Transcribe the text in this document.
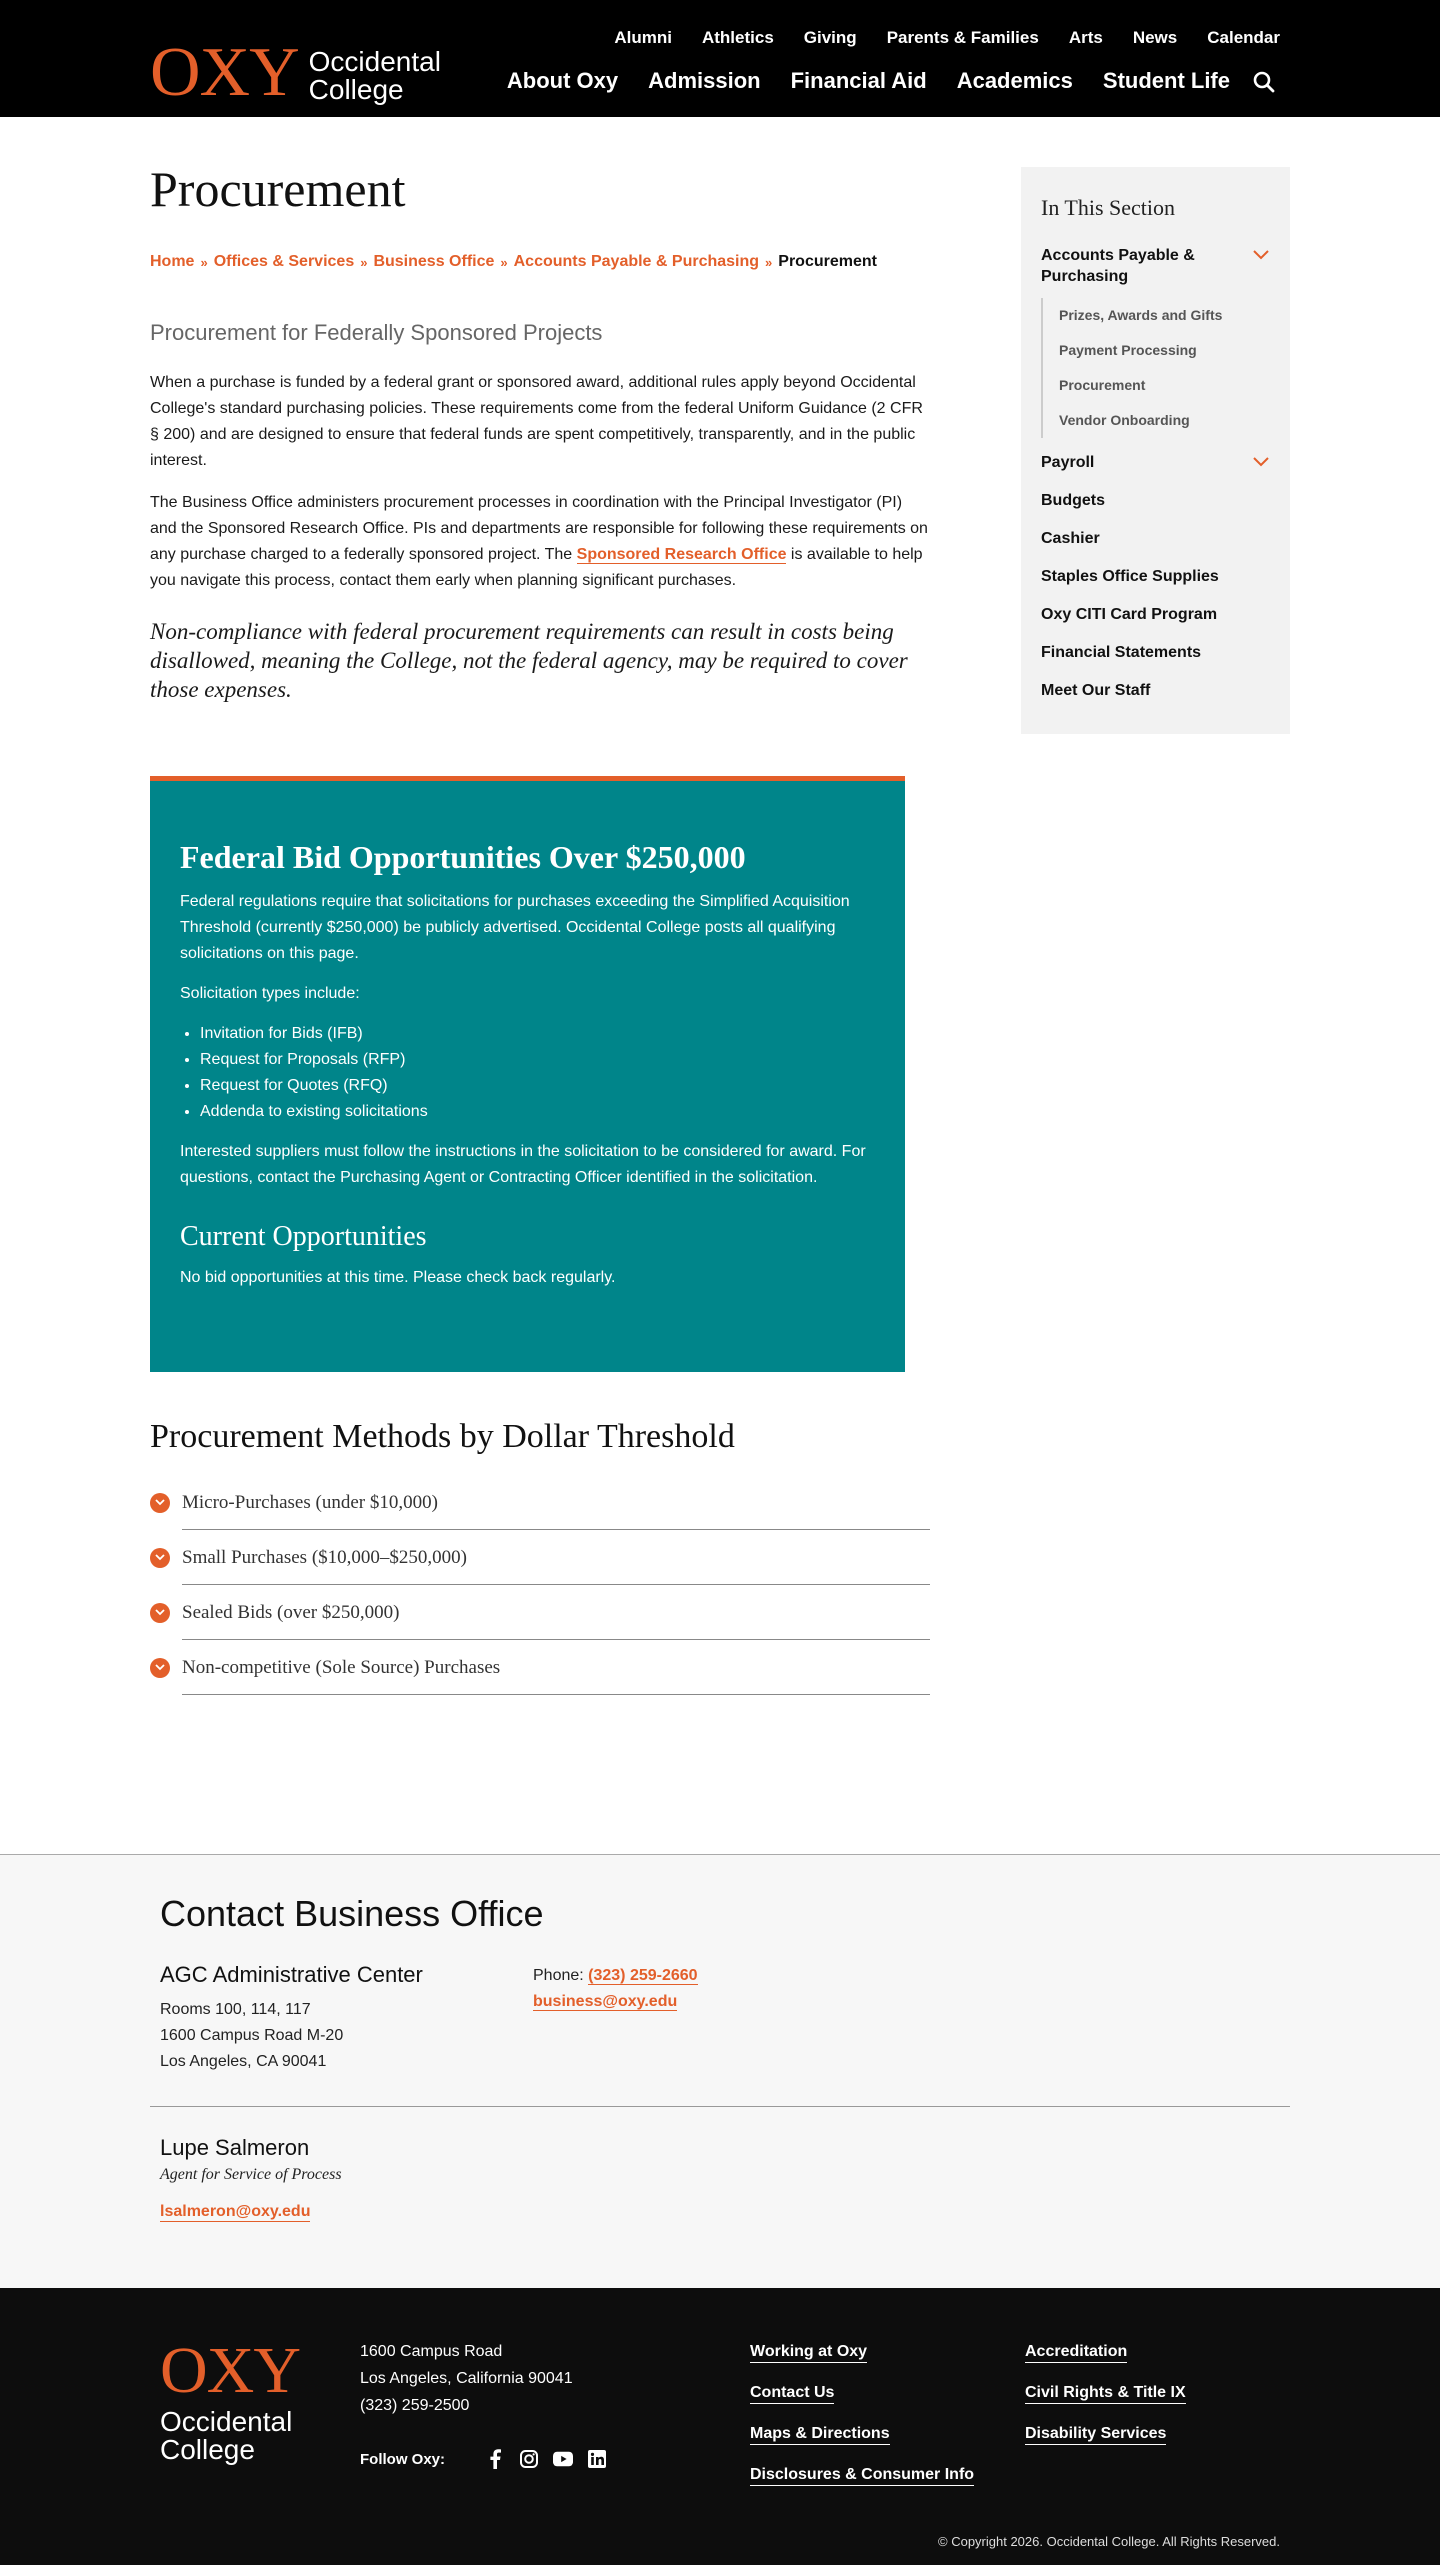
OXY Occidental
College
Alumni Athletics Giving Parents & Families Arts News Calendar
About Oxy Admission Financial Aid Academics Student Life
Procurement
Home » Offices & Services » Business Office » Accounts Payable & Purchasing » Procurement
Procurement for Federally Sponsored Projects

When a purchase is funded by a federal grant or sponsored award, additional rules apply beyond Occidental College's standard purchasing policies. These requirements come from the federal Uniform Guidance (2 CFR § 200) and are designed to ensure that federal funds are spent competitively, transparently, and in the public interest.

The Business Office administers procurement processes in coordination with the Principal Investigator (PI) and the Sponsored Research Office. PIs and departments are responsible for following these requirements on any purchase charged to a federally sponsored project. The Sponsored Research Office is available to help you navigate this process, contact them early when planning significant purchases.

Non-compliance with federal procurement requirements can result in costs being disallowed, meaning the College, not the federal agency, may be required to cover those expenses.

Federal Bid Opportunities Over $250,000

Federal regulations require that solicitations for purchases exceeding the Simplified Acquisition Threshold (currently $250,000) be publicly advertised. Occidental College posts all qualifying solicitations on this page.

Solicitation types include:

• Invitation for Bids (IFB)
• Request for Proposals (RFP)
• Request for Quotes (RFQ)
• Addenda to existing solicitations

Interested suppliers must follow the instructions in the solicitation to be considered for award. For questions, contact the Purchasing Agent or Contracting Officer identified in the solicitation.

Current Opportunities

No bid opportunities at this time. Please check back regularly.

Procurement Methods by Dollar Threshold
Micro-Purchases (under $10,000)
Small Purchases ($10,000–$250,000)
Sealed Bids (over $250,000)
Non-competitive (Sole Source) Purchases
In This Section
Accounts Payable & Purchasing
Prizes, Awards and Gifts
Payment Processing
Procurement
Vendor Onboarding
Payroll
Budgets
Cashier
Staples Office Supplies
Oxy CITI Card Program
Financial Statements
Meet Our Staff
Contact Business Office
AGC Administrative Center
Rooms 100, 114, 117
1600 Campus Road M-20
Los Angeles, CA 90041
Phone: (323) 259-2660
business@oxy.edu
Lupe Salmeron
Agent for Service of Process
lsalmeron@oxy.edu
OXY
Occidental
College
1600 Campus Road
Los Angeles, California 90041
(323) 259-2500
Follow Oxy:
Working at Oxy
Contact Us
Maps & Directions
Disclosures & Consumer Info
Accreditation
Civil Rights & Title IX
Disability Services
© Copyright 2026. Occidental College. All Rights Reserved.
